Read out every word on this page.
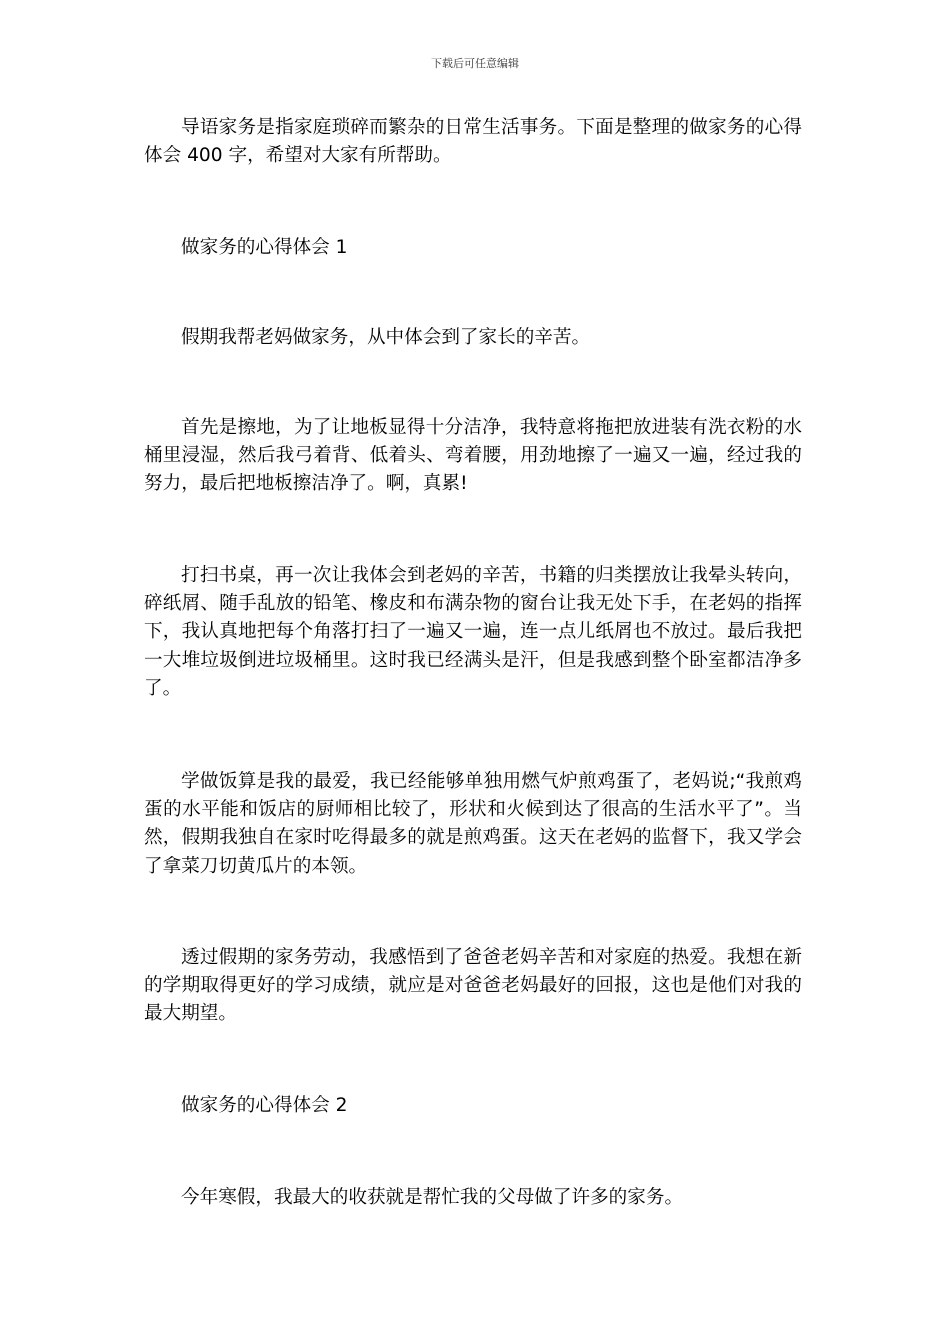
下载后可任意编辑

导语家务是指家庭琐碎而繁杂的日常生活事务。下面是整理的做家务的心得体会 400 字，希望对大家有所帮助。

做家务的心得体会 1

假期我帮老妈做家务，从中体会到了家长的辛苦。

首先是擦地，为了让地板显得十分洁净，我特意将拖把放进装有洗衣粉的水桶里浸湿，然后我弓着背、低着头、弯着腰，用劲地擦了一遍又一遍，经过我的努力，最后把地板擦洁净了。啊，真累!

打扫书桌，再一次让我体会到老妈的辛苦，书籍的归类摆放让我晕头转向，碎纸屑、随手乱放的铅笔、橡皮和布满杂物的窗台让我无处下手，在老妈的指挥下，我认真地把每个角落打扫了一遍又一遍，连一点儿纸屑也不放过。最后我把一大堆垃圾倒进垃圾桶里。这时我已经满头是汗，但是我感到整个卧室都洁净多了。

学做饭算是我的最爱，我已经能够单独用燃气炉煎鸡蛋了，老妈说;“我煎鸡蛋的水平能和饭店的厨师相比较了，形状和火候到达了很高的生活水平了”。当然，假期我独自在家时吃得最多的就是煎鸡蛋。这天在老妈的监督下，我又学会了拿菜刀切黄瓜片的本领。

透过假期的家务劳动，我感悟到了爸爸老妈辛苦和对家庭的热爱。我想在新的学期取得更好的学习成绩，就应是对爸爸老妈最好的回报，这也是他们对我的最大期望。

做家务的心得体会 2

今年寒假，我最大的收获就是帮忙我的父母做了许多的家务。
